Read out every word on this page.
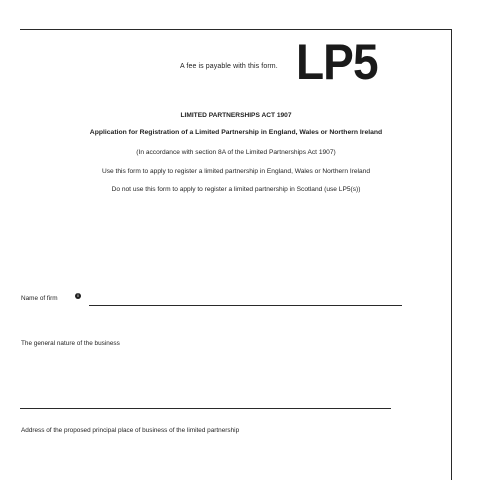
A fee is payable with this form. LP5
LIMITED PARTNERSHIPS ACT 1907
Application for Registration of a Limited Partnership in England, Wales or Northern Ireland
(In accordance with section 8A of the Limited Partnerships Act 1907)
Use this form to apply to register a limited partnership in England, Wales or Northern Ireland
Do not use this form to apply to register a limited partnership in Scotland (use LP5(s))
Name of firm	i
The general nature of the business
Address of the proposed principal place of business of the limited partnership
